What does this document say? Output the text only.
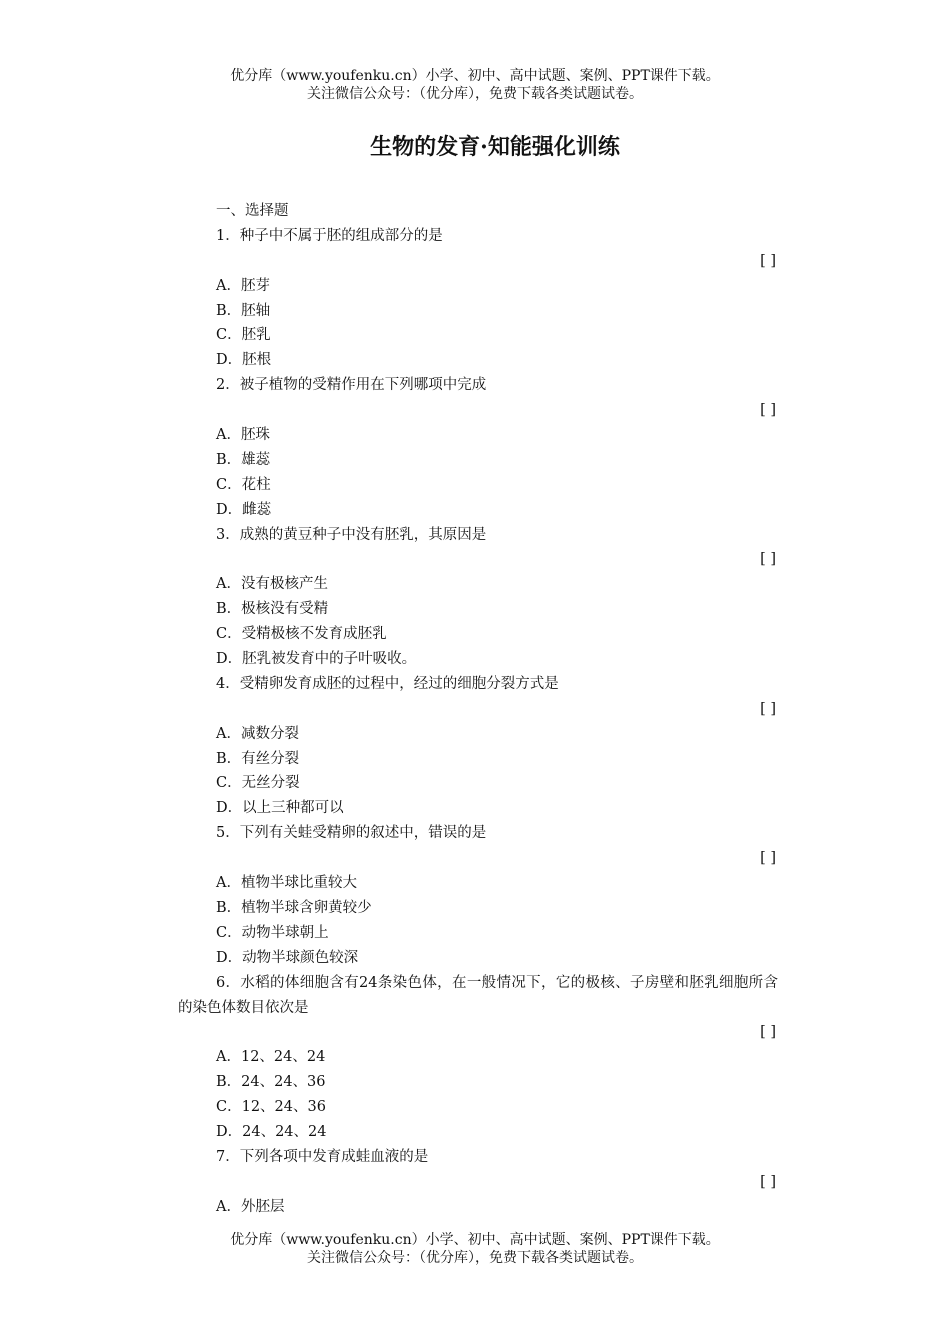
优分库（www.youfenku.cn）小学、初中、高中试题、案例、PPT课件下载。
关注微信公众号：（优分库），免费下载各类试题试卷。
生物的发育·知能强化训练
一、选择题
1．种子中不属于胚的组成部分的是
[ ]
A．胚芽
B．胚轴
C．胚乳
D．胚根
2．被子植物的受精作用在下列哪项中完成
[ ]
A．胚珠
B．雄蕊
C．花柱
D．雌蕊
3．成熟的黄豆种子中没有胚乳，其原因是
[ ]
A．没有极核产生
B．极核没有受精
C．受精极核不发育成胚乳
D．胚乳被发育中的子叶吸收。
4．受精卵发育成胚的过程中，经过的细胞分裂方式是
[ ]
A．减数分裂
B．有丝分裂
C．无丝分裂
D．以上三种都可以
5．下列有关蛙受精卵的叙述中，错误的是
[ ]
A．植物半球比重较大
B．植物半球含卵黄较少
C．动物半球朝上
D．动物半球颜色较深
6．水稻的体细胞含有24条染色体，在一般情况下，它的极核、子房壁和胚乳细胞所含的染色体数目依次是
[ ]
A．12、24、24
B．24、24、36
C．12、24、36
D．24、24、24
7．下列各项中发育成蛙血液的是
[ ]
A．外胚层
优分库（www.youfenku.cn）小学、初中、高中试题、案例、PPT课件下载。
关注微信公众号：（优分库），免费下载各类试题试卷。
